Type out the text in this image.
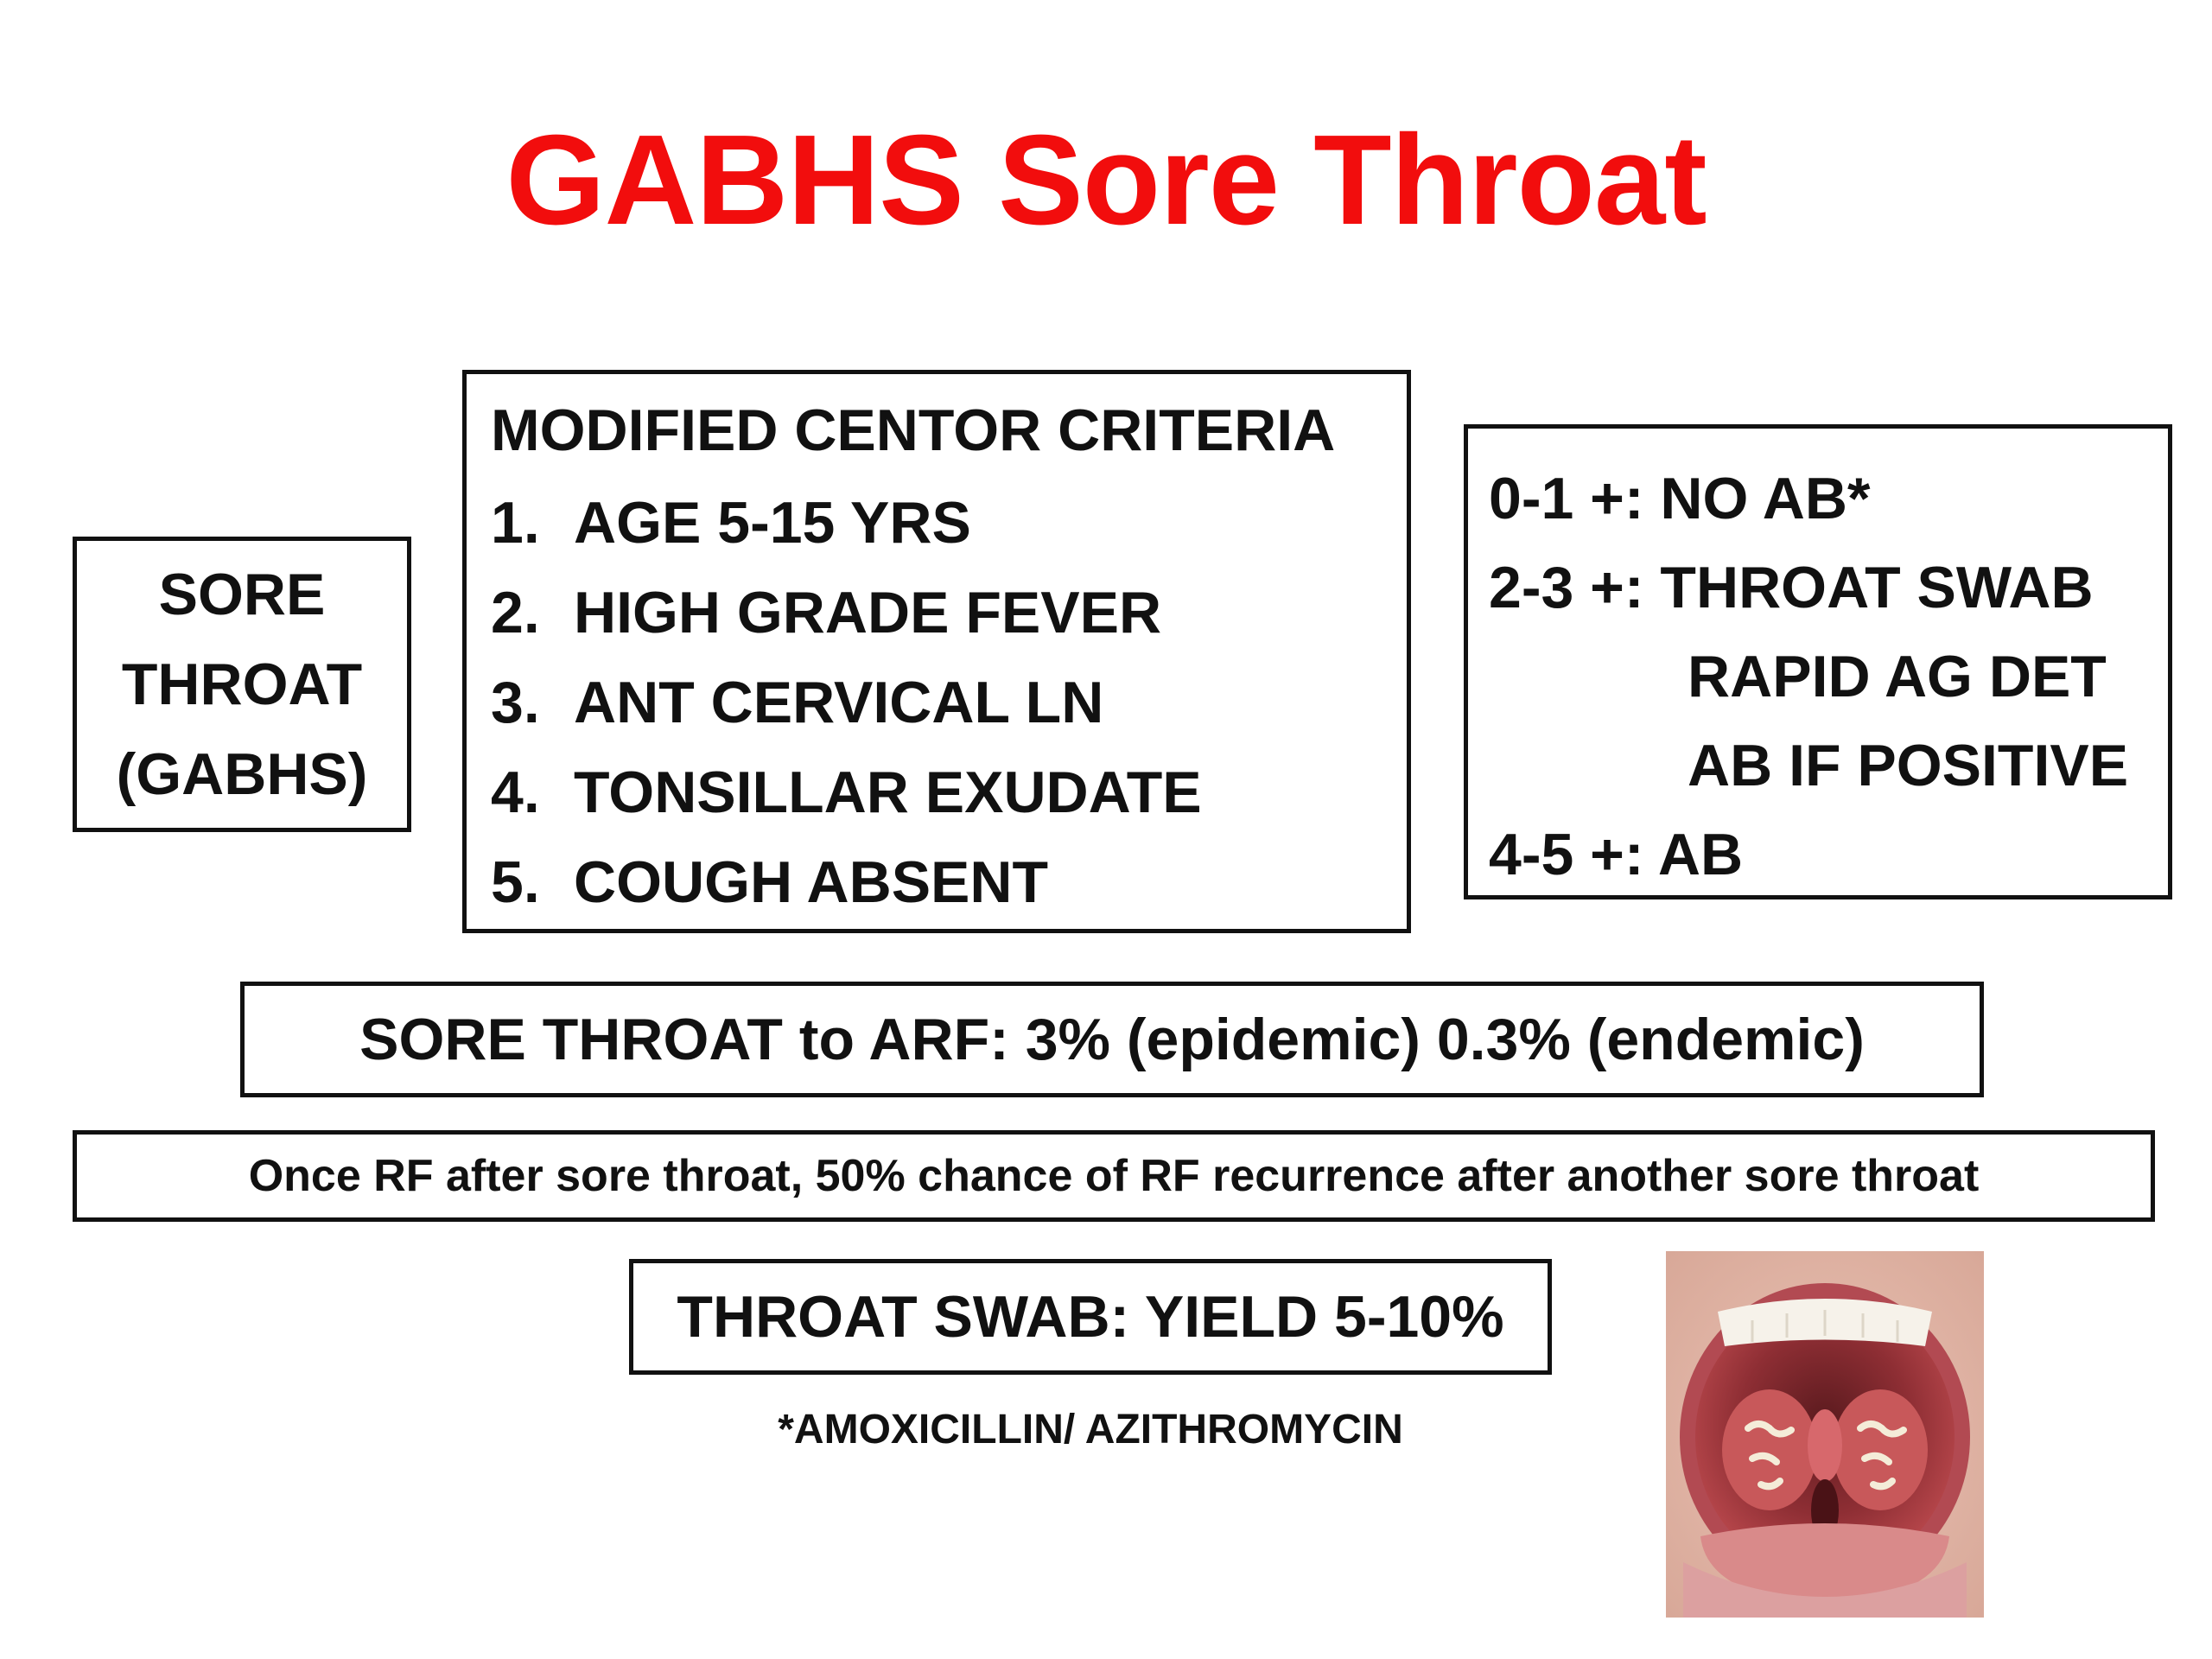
GABHS Sore Throat
SORE
THROAT
(GABHS)
MODIFIED CENTOR CRITERIA
1. AGE 5-15 YRS
2. HIGH GRADE FEVER
3. ANT CERVICAL LN
4. TONSILLAR EXUDATE
5. COUGH ABSENT
0-1 +: NO AB*
2-3 +: THROAT SWAB
RAPID AG DET
AB IF POSITIVE
4-5 +: AB
SORE THROAT to ARF: 3% (epidemic) 0.3% (endemic)
Once RF after sore throat, 50% chance of RF recurrence after another sore throat
THROAT SWAB: YIELD 5-10%
*AMOXICILLIN/ AZITHROMYCIN
